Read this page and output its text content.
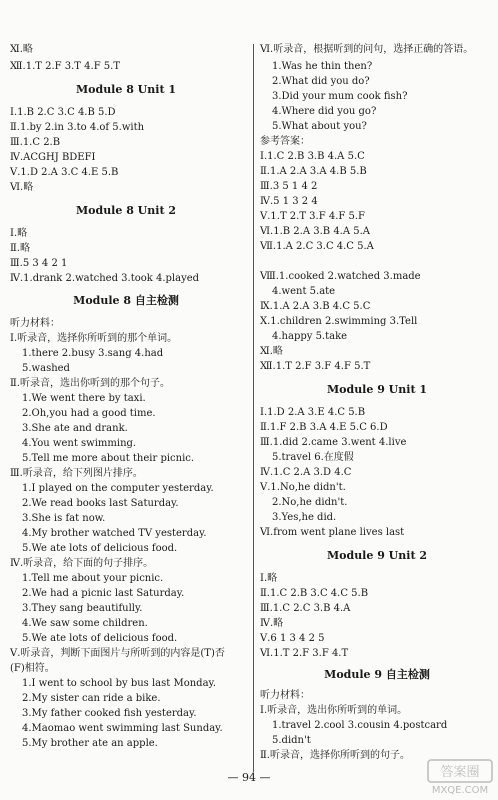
Ⅺ.略
Ⅻ.1.T 2.F 3.T 4.F 5.T
Module 8 Unit 1
Ⅰ.1.B 2.C 3.C 4.B 5.D
Ⅱ.1.by 2.in 3.to 4.of 5.with
Ⅲ.1.C 2.B
Ⅳ.ACGHJ BDEFI
Ⅴ.1.D 2.A 3.C 4.E 5.B
Ⅵ.略
Module 8 Unit 2
Ⅰ.略
Ⅱ.略
Ⅲ.5 3 4 2 1
Ⅳ.1.drank 2.watched 3.took 4.played
Module 8 自主检测
听力材料：
Ⅰ.听录音，选择你所听到的那个单词。
1.there 2.busy 3.sang 4.had
5.washed
Ⅱ.听录音，选出你听到的那个句子。
1.We went there by taxi.
2.Oh,you had a good time.
3.She ate and drank.
4.You went swimming.
5.Tell me more about their picnic.
Ⅲ.听录音，给下列图片排序。
1.I played on the computer yesterday.
2.We read books last Saturday.
3.She is fat now.
4.My brother watched TV yesterday.
5.We ate lots of delicious food.
Ⅳ.听录音，给下面的句子排序。
1.Tell me about your picnic.
2.We had a picnic last Saturday.
3.They sang beautifully.
4.We saw some children.
5.We ate lots of delicious food.
Ⅴ.听录音，判断下面图片与所听到的内容是(T)否
(F)相符。
1.I went to school by bus last Monday.
2.My sister can ride a bike.
3.My father cooked fish yesterday.
4.Maomao went swimming last Sunday.
5.My brother ate an apple.
Ⅵ.听录音，根据听到的问句，选择正确的答语。
1.Was he thin then?
2.What did you do?
3.Did your mum cook fish?
4.Where did you go?
5.What about you?
参考答案：
Ⅰ.1.C 2.B 3.B 4.A 5.C
Ⅱ.1.A 2.A 3.A 4.B 5.B
Ⅲ.3 5 1 4 2
Ⅳ.5 1 3 2 4
Ⅴ.1.T 2.T 3.F 4.F 5.F
Ⅵ.1.B 2.A 3.B 4.A 5.A
Ⅶ.1.A 2.C 3.C 4.C 5.A
Ⅷ.1.cooked 2.watched 3.made
4.went 5.ate
Ⅸ.1.A 2.A 3.B 4.C 5.C
Ⅹ.1.children 2.swimming 3.Tell
4.happy 5.take
Ⅺ.略
Ⅻ.1.T 2.F 3.F 4.F 5.T
Module 9 Unit 1
Ⅰ.1.D 2.A 3.E 4.C 5.B
Ⅱ.1.F 2.B 3.A 4.E 5.C 6.D
Ⅲ.1.did 2.came 3.went 4.live
5.travel 6.在度假
Ⅳ.1.C 2.A 3.D 4.C
Ⅴ.1.No,he didn't.
2.No,he didn't.
3.Yes,he did.
Ⅵ.from went plane lives last
Module 9 Unit 2
Ⅰ.略
Ⅱ.1.C 2.B 3.C 4.C 5.B
Ⅲ.1.C 2.C 3.B 4.A
Ⅳ.略
Ⅴ.6 1 3 4 2 5
Ⅵ.1.T 2.F 3.F 4.T
Module 9 自主检测
听力材料：
Ⅰ.听录音，选出你所听到的单词。
1.travel 2.cool 3.cousin 4.postcard
5.didn't
Ⅱ.听录音，选择你所听到的句子。
— 94 —	答案圈
MXQE.COM
